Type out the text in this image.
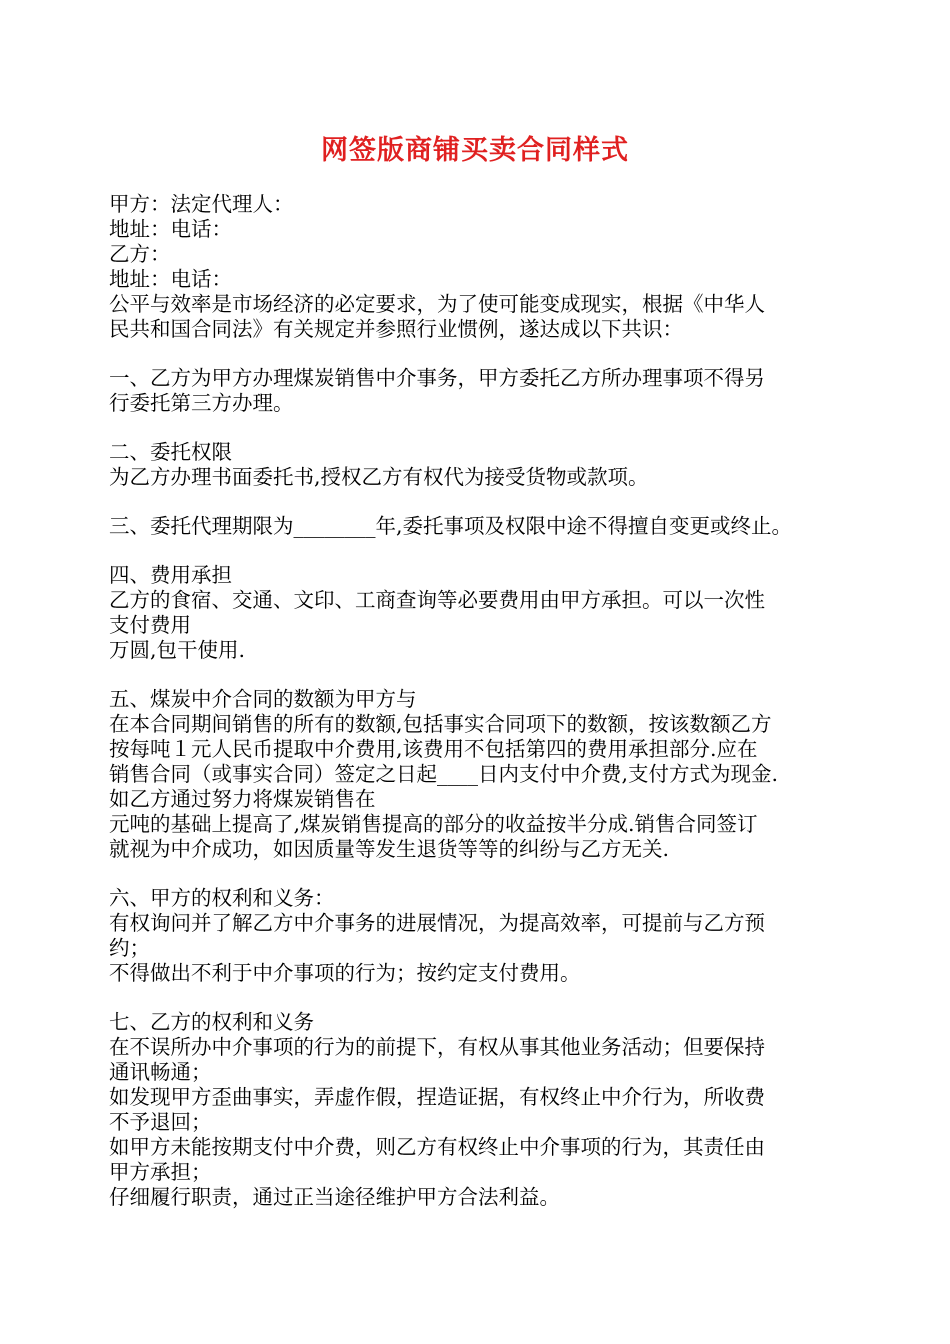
网签版商铺买卖合同样式
甲方：法定代理人：
地址：电话：
乙方：
地址：电话：
公平与效率是市场经济的必定要求，为了使可能变成现实，根据《中华人
民共和国合同法》有关规定并参照行业惯例，遂达成以下共识：
一、乙方为甲方办理煤炭销售中介事务，甲方委托乙方所办理事项不得另
行委托第三方办理。
二、委托权限
为乙方办理书面委托书,授权乙方有权代为接受货物或款项。
三、委托代理期限为________年,委托事项及权限中途不得擅自变更或终止。
四、费用承担
乙方的食宿、交通、文印、工商查询等必要费用由甲方承担。可以一次性
支付费用
万圆,包干使用.
五、煤炭中介合同的数额为甲方与
在本合同期间销售的所有的数额,包括事实合同项下的数额，按该数额乙方
按每吨１元人民币提取中介费用,该费用不包括第四的费用承担部分.应在
销售合同（或事实合同）签定之日起____日内支付中介费,支付方式为现金.
如乙方通过努力将煤炭销售在
元吨的基础上提高了,煤炭销售提高的部分的收益按半分成.销售合同签订
就视为中介成功，如因质量等发生退货等等的纠纷与乙方无关.
六、甲方的权利和义务：
有权询问并了解乙方中介事务的进展情况，为提高效率，可提前与乙方预
约；
不得做出不利于中介事项的行为；按约定支付费用。
七、乙方的权利和义务
在不误所办中介事项的行为的前提下，有权从事其他业务活动；但要保持
通讯畅通；
如发现甲方歪曲事实，弄虚作假，捏造证据，有权终止中介行为，所收费
不予退回；
如甲方未能按期支付中介费，则乙方有权终止中介事项的行为，其责任由
甲方承担；
仔细履行职责，通过正当途径维护甲方合法利益。
